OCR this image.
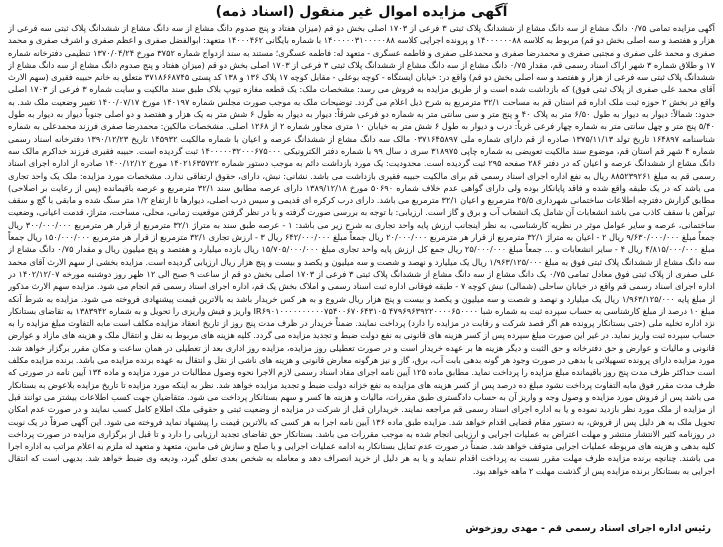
آگهی مزایده اموال غیر منقول (اسناد ذمه)

آگهی مزایده تمامی ۰/۷۵ دانگ مشاع از سه دانگ مشاع از ششدانگ پلاک ثبتی ۳ فرعی از ۱۷۰۳ اصلی بخش دو قم (میزان هفتاد و پنج صدوم دانگ مشاع از سه دانگ مشاع از ششدانگ پلاک ثبتی سه فرعی از هزار و هفتصد و سه اصلی بخش دو قم) مربوط به کلاسه ۱۴۰۰۰۰۰۰۸۸ و پرونده اجرایی کلاسه ۱۴۰۰۰۰۰۳۱۰۰۰۰۰۸۸ با شماره بایگانی ۱۴۰۰۰۴۶۲ متعهد: ابوالفضل صفری و اعظم صفری و اشرف صفری و محمد صفری و محمد علی صفری و مجتبی صفری و محمدرضا صفری و محمدعلی صفری و فاطمه عسگری - متعهد له: فاطمه عسگری؛ مستند به سند ازدواج شماره ۳۷۵۲ مورخ ۱۳۷۰/۰۴/۲۴ تنظیمی دفترخانه شماره ۱۷ و طلاق شماره ۳ شهر اراک اسناد رسمی قم، مقدار ۰/۷۵ دانگ مشاع از سه دانگ مشاع از ششدانگ پلاک ثبتی ۳ فرعی از ۱۷۰۳ اصلی بخش دو قم (میزان هفتاد و پنج صدوم دانگ مشاع از سه دانگ مشاع از ششدانگ پلاک ثبتی سه فرعی از هزار و هفتصد و سه اصلی بخش دو قم) واقع در: خیابان ایستگاه - کوچه بوعلی - مقابل کوچه ۱۷ پلاک ۱۳۶ و ۱۳۸ کد پستی ۳۷۱۸۶۶۸۷۴۵ متعلق به خانم حبیبه فقیری (سهم الارث آقای محمد علی صفری از پلاک ثبتی فوق) که بازداشت شده است و از طریق مزایده به فروش می رسد: مشخصات ملک: یک قطعه مغازه تیوپ بلاک طبق سند مالکیت و سایت شماره ۳ فرعی از ۱۷۰۳ اصلی واقع در بخش ۲ حوزه ثبت ملک اداره قم استان قم به مساحت ۳۲/۱ مترمربع به شرح ذیل اعلام می گردد. توضیحات ملک به موجب صورت مجلس شماره ۱۴۰۱۹۷ مورخ ۱۴۰۰/۰۷/۱۷ تغییر وضعیت ملک شد. به حدود: شمالاً: دیوار به دیوار به طول ۶/۵۰ متر به پلاک ۴۰ و پنج متر و سی سانتی متر به شماره دو فرعی شرقاً: دیوار به دیوار به طول ۶ شش متر به یک هزار و هفتصد و دو اصلی جنوباً دیوار به دیوار به طول ۵/۴۰ پنج متر و چهل سانتی متر به شماره چهار فرعی غرباً: درب و دیوار به طول ۶ شش متر به خیابان ۱۰ متری مجاور شماره ۲ از ۱۲۶۸ اصلی. مشخصات مالکین: محمدرضا صفری فرزند محمدعلی به شماره شناسنامه ۱۶۴۸۹۷ تاریخ تولد ۱۳۷۵/۱۱/۱۳ صادره از قم دارای شماره ملی ۰۳۷۱۶۴۵۸۹۷ مالک سه دانگ مشاع از ششدانگ عرصه و اعیان با شماره مالکیت ۱۴۵۹۳۲ تاریخ ۱۳۹۰/۱۲/۲۳ دفترخانه اسناد رسمی شماره ۴ شهر قم استان قم، موضوع سند مالکیت تعویضی به شماره چاپی ۳۱۸۹۷۵ سری د سال ۹۹ با شماره دفتر الکترونیکی ۱۴۰۰۰۰۰۳۲۰۰۰۶۷۵۰۰۰ ثبت گردیده است. حبیبه فقیری فرزند خداکرم مالک سه دانگ مشاع از ششدانگ عرصه و اعیان که در دفتر ۲۸۶ صفحه ۲۹۵ ثبت گردیده است. محدودیت: یک مورد بازداشت دائم به موجب دستور شماره ۱۴۰۲۱۶۳۵۷۲۲ مورخ ۱۴۰۰/۱۲/۱۲ صادره از اداره اجرای اسناد رسمی قم به مبلغ ۸۸۵۲۳۹۲۶۱ ریال به نفع اداره اجرای اسناد رسمی قم برای مالکیت حبیبه فقیری بازداشت می باشد. نشانی: نبش، دارای، حقوق ارتفاقی ندارد. مشخصات مورد مزایده: ملک یک واحد تجاری می باشد که در یک طبقه واقع شده و فاقد پایانکار بوده ولی دارای گواهی عدم خلاف شماره ۵۰۶۹۰ مورخ ۱۳۸۹/۱۲/۱۸ دارای عرصه مطابق سند ۳۲/۱ مترمربع و عرصه باقیمانده (پس از رعایت بر اصلاحی) مطابق گزارش دفترچه اطلاعات ساختمانی شهرداری ۲۵/۵ مترمربع و اعیان ۳۲/۱ مترمربع می باشد. دارای درب کرکره ای قدیمی و سیس درب اصلی، دیوارها تا ارتفاع ۱/۲ متر سنگ شده و مابقی با گچ و سقف تیرآهن با سقف کاذب می باشد انشعابات آن شامل یک انشعاب آب و برق و گاز است. ارزیابی: با توجه به بررسی صورت گرفته و با در نظر گرفتن موقعیت زمانی، محلی، مساحت، متراژ، قدمت اعیانی، وضعیت ساختمانی، عرصه و سایر عوامل موثر در نظریه کارشناسی، به نظر اینجانب ارزش پایه واحد تجاری به شرح زیر می باشد: ۱ - عرصه طبق سند به متراژ ۳۲/۱ مترمربع از قرار هر مترمربع ۳۰۰/۰۰۰/۰۰۰ ریال جمعاً مبلغ ۹/۶۳۰/۰۰۰/۰۰۰ ریال ۲ - اعیان به متراژ ۳۲/۱ مترمربع از قرار هر مترمربع ۲۰/۰۰۰/۰۰۰ ریال جمعاً مبلغ ۶۴۲/۰۰۰/۰۰۰ ریال ۳ - ارزش تجاری ۳۲/۱ مترمربع از قرار هر مترمربع ۱۵۰/۰۰۰/۰۰۰ ریال جمعاً مبلغ ۴/۸۱۵/۰۰۰/۰۰۰ ریال ۴ - سایر انشعابات و ... جمعاً مبلغ ۲۵/۰۰۰/۰۰۰ ریال جمع کل ارزش پایه واحد تجاری مبلغ ۱۵/۷۰۵/۰۰۰/۰۰۰ ریال بازده میلیارد و هفتصد و پنج میلیون ریال و مقدار ۰/۷۵ دانگ مشاع از سه دانگ مشاع از ششدانگ پلاک ثبتی فوق به مبلغ ۱/۹۶۳/۱۲۵/۰۰۰ ریال یک میلیارد و نهصد و شصت و سه میلیون و یکصد و بیست و پنج هزار ریال ارزیابی گردیده است. مزایده بخشی از سهم الارث آقای محمد علی صفری از پلاک ثبتی فوق معادل تمامی ۰/۷۵ یک دانگ مشاع از سه دانگ مشاع از ششدانگ پلاک ثبتی ۳ فرعی از ۱۷۰۳ اصلی بخش دو قم از ساعت ۹ صبح الی ۱۲ ظهر روز دوشنبه مورخه ۱۴۰۲/۱۲/۰۷ در اداره اجرای اسناد رسمی قم واقع در خیابان ساحلی (شمالی) نبش کوچه ۷ - طبقه فوقانی اداره ثبت اسناد رسمی و املاک بخش یک قم، اداره اجرای اسناد رسمی قم انجام می شود. مزایده سهم الارث مذکور از مبلغ پایه ۱/۹۶۳/۱۲۵/۰۰۰ ریال یک میلیارد و نهصد و شصت و سه میلیون و یکصد و بیست و پنج هزار ریال شروع و به هر کس خریدار باشد به بالاترین قیمت پیشنهادی فروخته می شود. مزایده به شرط آنکه مبلغ ۱۰ درصد از مبلغ کارشناسی به حساب سپرده ثبت به شماره شبا ۴۷۹۶۹۶۳۹۲۲۰۰۰۰۶۵۰۰۰۰ IR۶۹۰۱۰۰۰۰۰۰۰۰۰۰۷۵۴۰۰۶۷۰۶۴۳۱۰۵ واریز و فیش واریزی را تحویل و به شماره ۱۳۸۳۹۴۲ به تقاضای بستانکار نزد اداره تخلیه ملی (حتی بستانکار پرونده هم اگر قصد شرکت و رقابت در مزایده را دارد) پرداخت نمایند. ضمناً خریدار در ظرف مدت پنج روز از تاریخ انعقاد مزایده مکلف است مابه التفاوت مبلغ مزایده را به حساب سپرده ثبت واریز نماید. در غیر این صورت مبلغ سپرده پس از کسر هزینه های قانونی به نفع دولت ضبط و تجدید مزایده می گردد. کلیه هزینه های مربوط به نقل و انتقال ملک و هزینه های مازاد و عوارض قانونی و مالیات و عوارض و حق دفترخانه و حق الثبت و دیگر هزینه ها بر عهده خریدار است و در صورت تعطیلی روز مزایده، مزایده روز اداری بعد از تعطیلی در همان ساعت و مکان مقرر برگزار خواهد شد. مورد مزایده دارای پرونده تسهیلاتی یا بدهی در صورت وجود هر گونه بدهی بابت آب، برق، گاز و نیز هرگونه معارض قانونی و هزینه های ناشی از نقل و انتقال به عهده برنده مزایده می باشد. برنده مزایده مکلف است حداکثر ظرف مدت پنج روز باقیمانده مبلغ مزایده را پرداخت نماید. مطابق ماده ۱۲۵ آیین نامه اجرای مفاد اسناد رسمی لازم الاجرا نحوه وصول مطالبات در مورد مزایده و ماده ۱۳۴ آیین نامه در صورتی که ظرف مدت مقرر فوق مابه التفاوت پرداخت نشود مبلغ ده درصد پس از کسر هزینه های مزایده به نفع خزانه دولت ضبط و تجدید مزایده خواهد شد. نظر به اینکه مورد مزایده تا تاریخ مزایده بلاعوض به بستانکار می باشد پس از فروش مورد مزایده و وصول وجه و واریز آن به حساب دادگستری طبق مقررات، مالیات و هزینه ها کسر و سهم بستانکار پرداخت می شود. متقاضیان جهت کسب اطلاعات بیشتر می توانند قبل از مزایده از ملک مورد نظر بازدید نموده و یا به اداره اجرای اسناد رسمی قم مراجعه نمایند. خریداران قبل از شرکت در مزایده از وضعیت ثبتی و حقوقی ملک اطلاع کامل کسب نمایند و در صورت عدم امکان تحویل ملک به هر دلیل پس از فروش، به دستور مقام قضایی اقدام خواهد شد. مزایده طبق ماده ۱۳۶ آیین نامه اجرا به هر کسی که بالاترین قیمت را پیشنهاد نماید فروخته می شود. این آگهی صرفاً در یک نوبت در روزنامه کثیر الانتشار منتشر و مهلت اعتراض به عملیات اجرایی و ارزیابی انجام شده به موجب مقررات می باشد. بستانکار حق تقاضای تجدید ارزیابی را دارد و تا قبل از برگزاری مزایده در صورت پرداخت کلیه بدهی و هزینه های مربوطه عملیات اجرایی متوقف خواهد شد. ضمناً در صورت عدم تمایل بستانکار به ادامه عملیات اجرایی و یا صلح و سازش فی مابین، متعهد و متعهد له ملزم به اعلام مراتب به اداره اجرا می باشند. چنانچه برنده مزایده ظرف مهلت مقرر نسبت به پرداخت اقدام ننماید و یا به هر دلیل از خرید انصراف دهد و معامله به شخص بعدی تعلق گیرد، ودیعه وی ضبط خواهد شد. بدیهی است که انتقال اجرایی به بستانکار برنده مزایده پس از گذشت مهلت ۲ ماهه خواهد بود.

رئیس اداره اجرای اسناد رسمی قم - مهدی روزخوش
